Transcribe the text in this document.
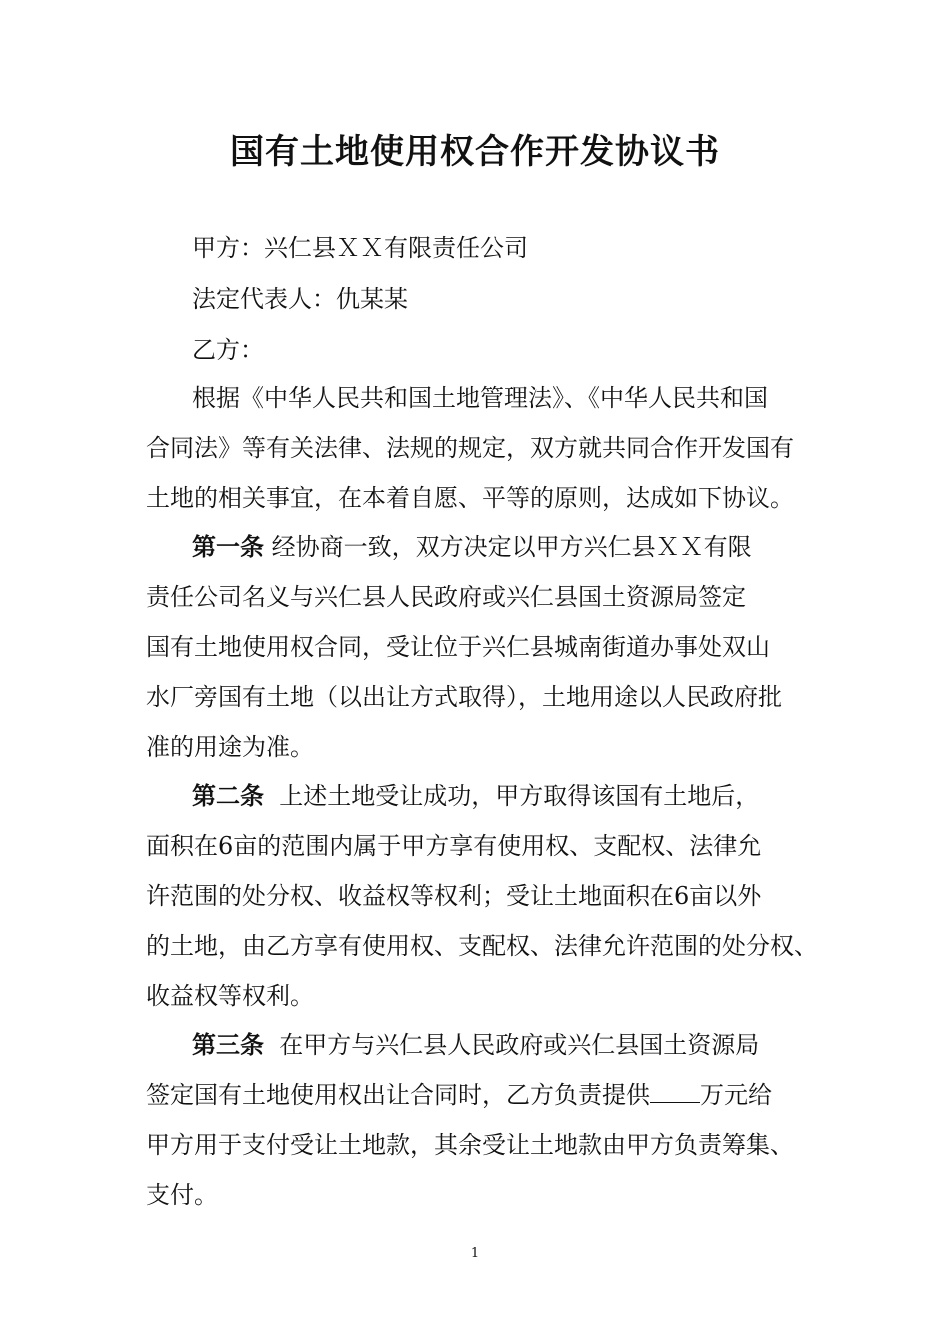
国有土地使用权合作开发协议书
甲方：兴仁县ＸＸ有限责任公司
法定代表人：仇某某
乙方：
根据《中华人民共和国土地管理法》、《中华人民共和国
合同法》等有关法律、法规的规定，双方就共同合作开发国有
土地的相关事宜，在本着自愿、平等的原则，达成如下协议。
第一条 经协商一致，双方决定以甲方兴仁县ＸＸ有限
责任公司名义与兴仁县人民政府或兴仁县国土资源局签定
国有土地使用权合同，受让位于兴仁县城南街道办事处双山
水厂旁国有土地（以出让方式取得），土地用途以人民政府批
准的用途为准。
第二条  上述土地受让成功，甲方取得该国有土地后，
面积在6亩的范围内属于甲方享有使用权、支配权、法律允
许范围的处分权、收益权等权利；受让土地面积在6亩以外
的土地，由乙方享有使用权、支配权、法律允许范围的处分权、
收益权等权利。
第三条  在甲方与兴仁县人民政府或兴仁县国土资源局
签定国有土地使用权出让合同时，乙方负责提供 万元给
甲方用于支付受让土地款，其余受让土地款由甲方负责筹集、
支付。
1
